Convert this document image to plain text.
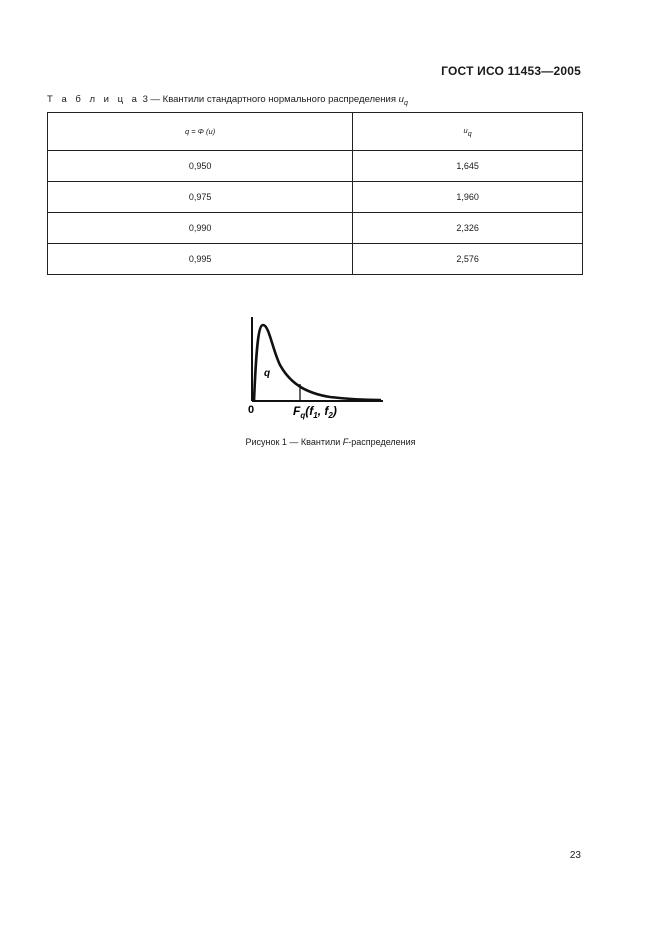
ГОСТ ИСО 11453—2005
Т а б л и ц а 3 — Квантили стандартного нормального распределения $u_q$
q = Φ (u)	uq
0,950	1,645
0,975	1,960
0,990	2,326
0,995	2,576
q
0	$F_q(f_1$, $f_2$)
Рисунок 1 — Квантили F-распределения
23
